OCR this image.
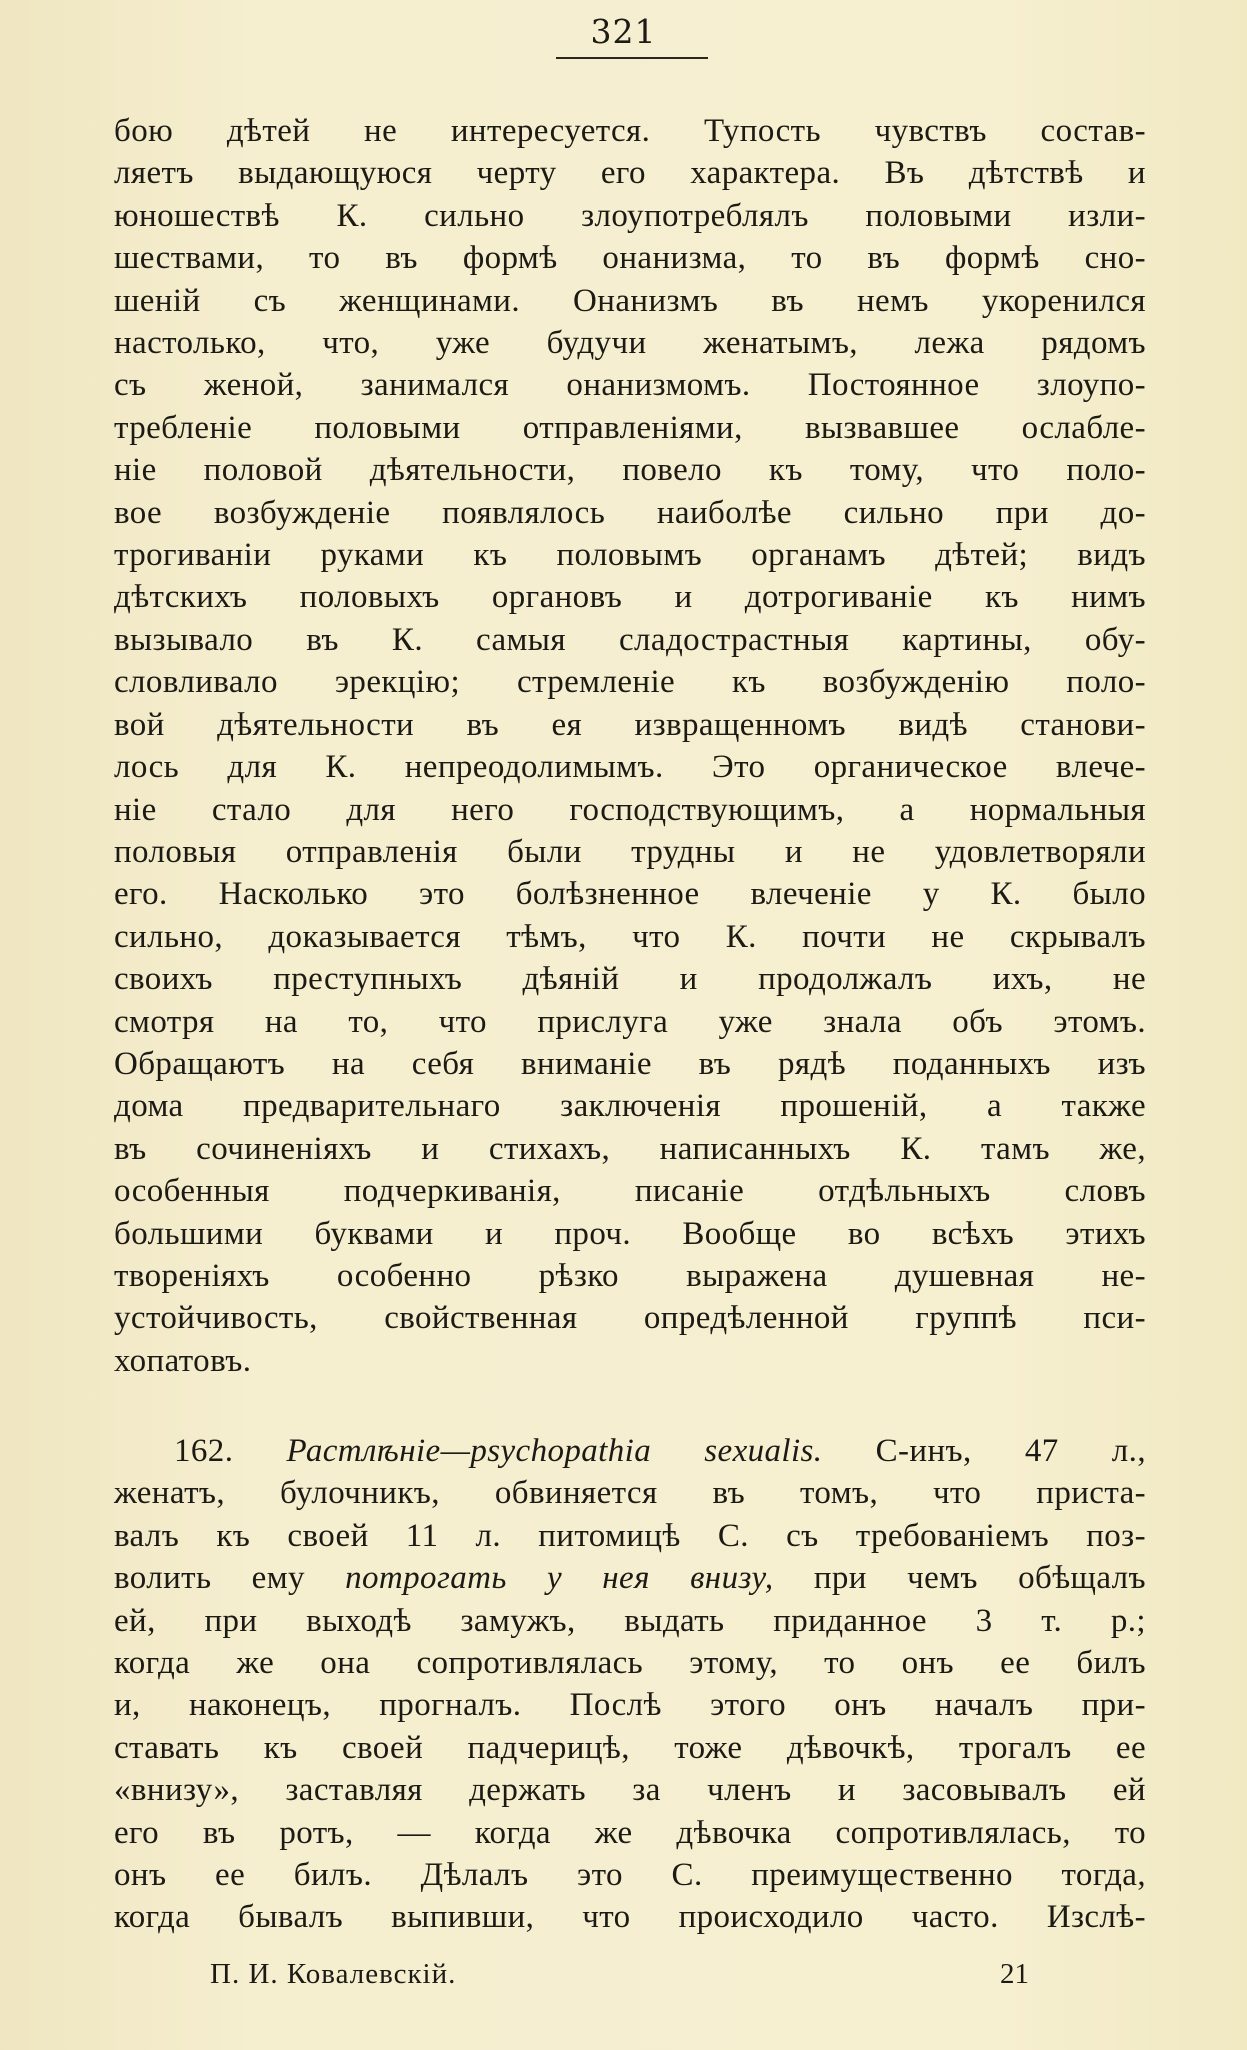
321
бою дѣтей не интересуется. Тупость чувствъ состав-
ляетъ выдающуюся черту его характера. Въ дѣтствѣ и
юношествѣ К. сильно злоупотреблялъ половыми изли-
шествами, то въ формѣ онанизма, то въ формѣ сно-
шеній съ женщинами. Онанизмъ въ немъ укоренился
настолько, что, уже будучи женатымъ, лежа рядомъ
съ женой, занимался онанизмомъ. Постоянное злоупо-
требленіе половыми отправленіями, вызвавшее ослабле-
ніе половой дѣятельности, повело къ тому, что поло-
вое возбужденіе появлялось наиболѣе сильно при до-
трогиваніи руками къ половымъ органамъ дѣтей; видъ
дѣтскихъ половыхъ органовъ и дотрогиваніе къ нимъ
вызывало въ К. самыя сладострастныя картины, обу-
словливало эрекцію; стремленіе къ возбужденію поло-
вой дѣятельности въ ея извращенномъ видѣ станови-
лось для К. непреодолимымъ. Это органическое влече-
ніе стало для него господствующимъ, а нормальныя
половыя отправленія были трудны и не удовлетворяли
его. Насколько это болѣзненное влеченіе у К. было
сильно, доказывается тѣмъ, что К. почти не скрывалъ
своихъ преступныхъ дѣяній и продолжалъ ихъ, не
смотря на то, что прислуга уже знала объ этомъ.
Обращаютъ на себя вниманіе въ рядѣ поданныхъ изъ
дома предварительнаго заключенія прошеній, а также
въ сочиненіяхъ и стихахъ, написанныхъ К. тамъ же,
особенныя подчеркиванія, писаніе отдѣльныхъ словъ
большими буквами и проч. Вообще во всѣхъ этихъ
твореніяхъ особенно рѣзко выражена душевная не-
устойчивость, свойственная опредѣленной группѣ пси-
хопатовъ.
162. Растлѣніе—psychopathia sexualis. С-инъ, 47 л.,
женатъ, булочникъ, обвиняется въ томъ, что приста-
валъ къ своей 11 л. питомицѣ С. съ требованіемъ поз-
волить ему потрогать у нея внизу, при чемъ обѣщалъ
ей, при выходѣ замужъ, выдать приданное 3 т. р.;
когда же она сопротивлялась этому, то онъ ее билъ
и, наконецъ, прогналъ. Послѣ этого онъ началъ при-
ставать къ своей падчерицѣ, тоже дѣвочкѣ, трогалъ ее
«внизу», заставляя держать за членъ и засовывалъ ей
его въ ротъ, — когда же дѣвочка сопротивлялась, то
онъ ее билъ. Дѣлалъ это С. преимущественно тогда,
когда бывалъ выпивши, что происходило часто. Изслѣ-
П. И. Ковалевскій.	21
